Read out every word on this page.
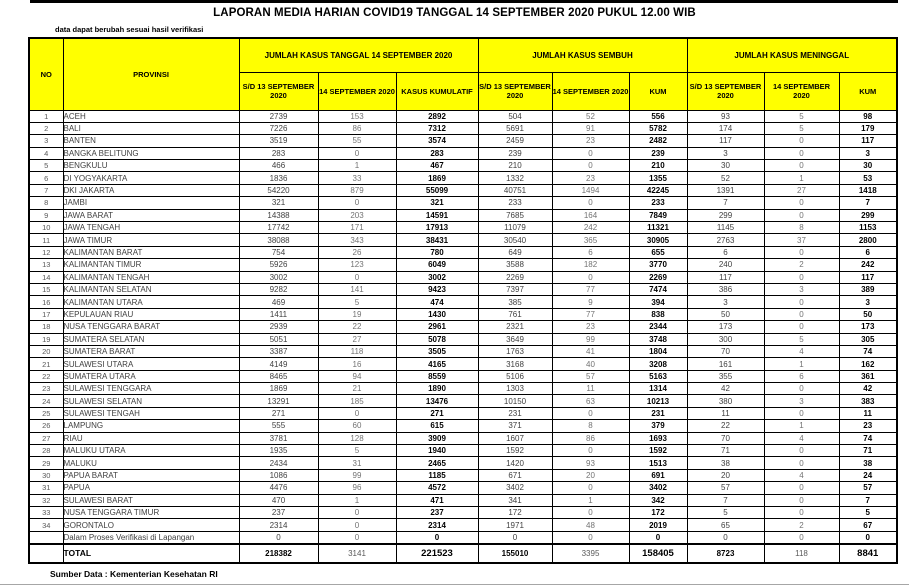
LAPORAN MEDIA HARIAN COVID19 TANGGAL 14 SEPTEMBER 2020 PUKUL 12.00 WIB
data dapat berubah sesuai hasil verifikasi
NO	PROVINSI	JUMLAH KASUS TANGGAL 14 SEPTEMBER 2020			JUMLAH KASUS SEMBUH			JUMLAH KASUS MENINGGAL		
		S/D 13 SEPTEMBER 2020	14 SEPTEMBER 2020	KASUS KUMULATIF	S/D 13 SEPTEMBER 2020	14 SEPTEMBER 2020	KUM	S/D 13 SEPTEMBER 2020	14 SEPTEMBER 2020	KUM
1	ACEH	2739	153	2892	504	52	556	93	5	98
2	BALI	7226	86	7312	5691	91	5782	174	5	179
3	BANTEN	3519	55	3574	2459	23	2482	117	0	117
4	BANGKA BELITUNG	283	0	283	239	0	239	3	0	3
5	BENGKULU	466	1	467	210	0	210	30	0	30
6	DI YOGYAKARTA	1836	33	1869	1332	23	1355	52	1	53
7	DKI JAKARTA	54220	879	55099	40751	1494	42245	1391	27	1418
8	JAMBI	321	0	321	233	0	233	7	0	7
9	JAWA BARAT	14388	203	14591	7685	164	7849	299	0	299
10	JAWA TENGAH	17742	171	17913	11079	242	11321	1145	8	1153
11	JAWA TIMUR	38088	343	38431	30540	365	30905	2763	37	2800
12	KALIMANTAN BARAT	754	26	780	649	6	655	6	0	6
13	KALIMANTAN TIMUR	5926	123	6049	3588	182	3770	240	2	242
14	KALIMANTAN TENGAH	3002	0	3002	2269	0	2269	117	0	117
15	KALIMANTAN SELATAN	9282	141	9423	7397	77	7474	386	3	389
16	KALIMANTAN UTARA	469	5	474	385	9	394	3	0	3
17	KEPULAUAN RIAU	1411	19	1430	761	77	838	50	0	50
18	NUSA TENGGARA BARAT	2939	22	2961	2321	23	2344	173	0	173
19	SUMATERA SELATAN	5051	27	5078	3649	99	3748	300	5	305
20	SUMATERA BARAT	3387	118	3505	1763	41	1804	70	4	74
21	SULAWESI UTARA	4149	16	4165	3168	40	3208	161	1	162
22	SUMATERA UTARA	8465	94	8559	5106	57	5163	355	6	361
23	SULAWESI TENGGARA	1869	21	1890	1303	11	1314	42	0	42
24	SULAWESI SELATAN	13291	185	13476	10150	63	10213	380	3	383
25	SULAWESI TENGAH	271	0	271	231	0	231	11	0	11
26	LAMPUNG	555	60	615	371	8	379	22	1	23
27	RIAU	3781	128	3909	1607	86	1693	70	4	74
28	MALUKU UTARA	1935	5	1940	1592	0	1592	71	0	71
29	MALUKU	2434	31	2465	1420	93	1513	38	0	38
30	PAPUA BARAT	1086	99	1185	671	20	691	20	4	24
31	PAPUA	4476	96	4572	3402	0	3402	57	0	57
32	SULAWESI BARAT	470	1	471	341	1	342	7	0	7
33	NUSA TENGGARA TIMUR	237	0	237	172	0	172	5	0	5
34	GORONTALO	2314	0	2314	1971	48	2019	65	2	67
	Dalam Proses Verifikasi di Lapangan	0	0	0	0	0	0	0	0	0
	TOTAL	218382	3141	221523	155010	3395	158405	8723	118	8841
Sumber Data : Kementerian Kesehatan RI
